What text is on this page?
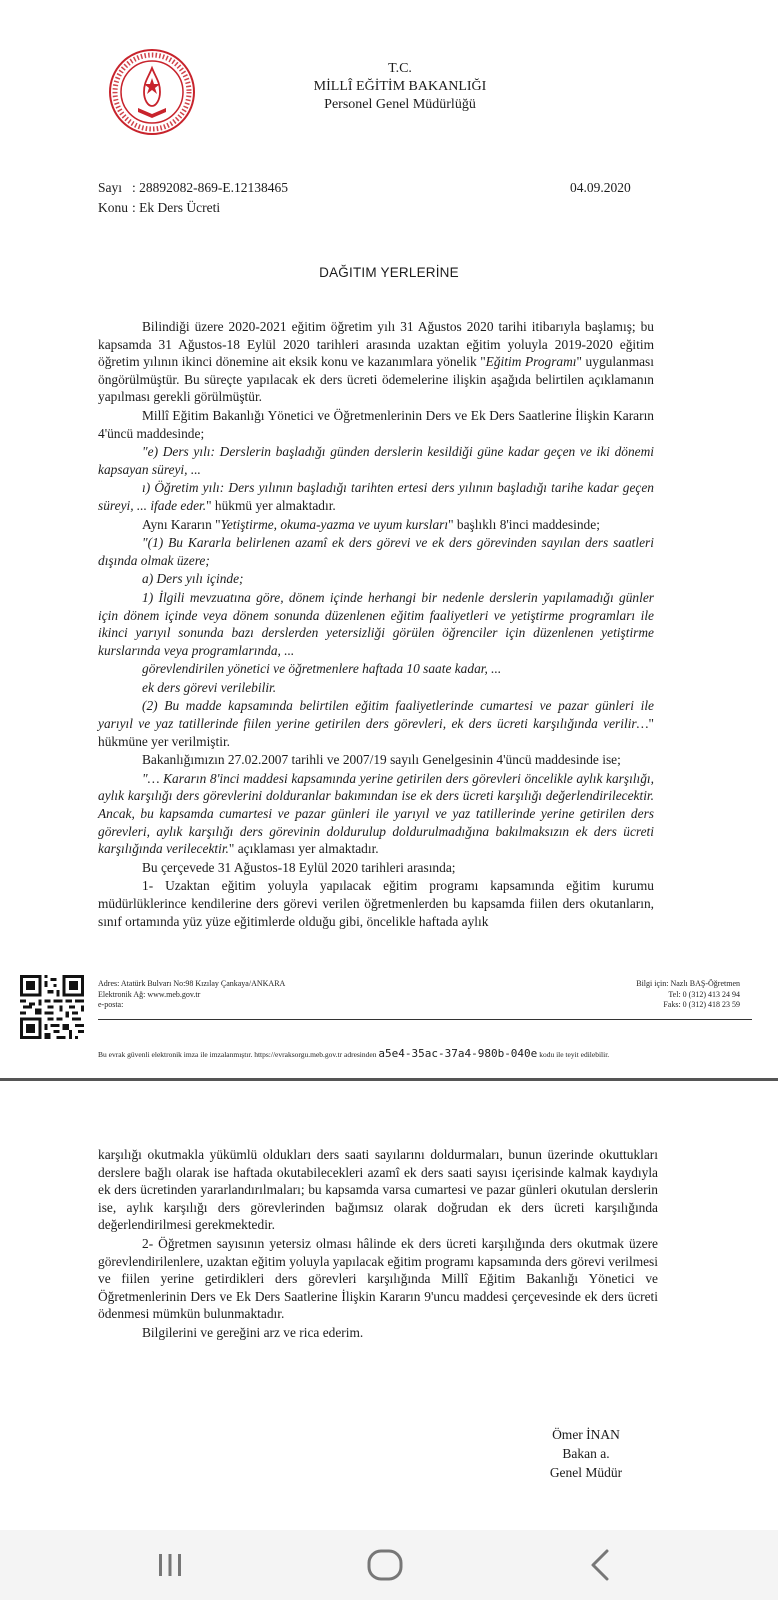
T.C.
MİLLÎ EĞİTİM BAKANLIĞI
Personel Genel Müdürlüğü
Sayı : 28892082-869-E.12138465
Konu : Ek Ders Ücreti
04.09.2020
DAĞITIM YERLERİNE

Bilindiği üzere 2020-2021 eğitim öğretim yılı 31 Ağustos 2020 tarihi itibarıyla başlamış; bu kapsamda 31 Ağustos-18 Eylül 2020 tarihleri arasında uzaktan eğitim yoluyla 2019-2020 eğitim öğretim yılının ikinci dönemine ait eksik konu ve kazanımlara yönelik "Eğitim Programı" uygulanması öngörülmüştür. Bu süreçte yapılacak ek ders ücreti ödemelerine ilişkin aşağıda belirtilen açıklamanın yapılması gerekli görülmüştür.

Millî Eğitim Bakanlığı Yönetici ve Öğretmenlerinin Ders ve Ek Ders Saatlerine İlişkin Kararın 4'üncü maddesinde;

"e) Ders yılı: Derslerin başladığı günden derslerin kesildiği güne kadar geçen ve iki dönemi kapsayan süreyi, ...

ı) Öğretim yılı: Ders yılının başladığı tarihten ertesi ders yılının başladığı tarihe kadar geçen süreyi, ... ifade eder." hükmü yer almaktadır.

Aynı Kararın "Yetiştirme, okuma-yazma ve uyum kursları" başlıklı 8'inci maddesinde;

"(1) Bu Kararla belirlenen azamî ek ders görevi ve ek ders görevinden sayılan ders saatleri dışında olmak üzere;

a) Ders yılı içinde;

1) İlgili mevzuatına göre, dönem içinde herhangi bir nedenle derslerin yapılamadığı günler için dönem içinde veya dönem sonunda düzenlenen eğitim faaliyetleri ve yetiştirme programları ile ikinci yarıyıl sonunda bazı derslerden yetersizliği görülen öğrenciler için düzenlenen yetiştirme kurslarında veya programlarında, ...

görevlendirilen yönetici ve öğretmenlere haftada 10 saate kadar, ...

ek ders görevi verilebilir.

(2) Bu madde kapsamında belirtilen eğitim faaliyetlerinde cumartesi ve pazar günleri ile yarıyıl ve yaz tatillerinde fiilen yerine getirilen ders görevleri, ek ders ücreti karşılığında verilir…" hükmüne yer verilmiştir.

Bakanlığımızın 27.02.2007 tarihli ve 2007/19 sayılı Genelgesinin 4'üncü maddesinde ise;

"… Kararın 8'inci maddesi kapsamında yerine getirilen ders görevleri öncelikle aylık karşılığı, aylık karşılığı ders görevlerini dolduranlar bakımından ise ek ders ücreti karşılığı değerlendirilecektir. Ancak, bu kapsamda cumartesi ve pazar günleri ile yarıyıl ve yaz tatillerinde yerine getirilen ders görevleri, aylık karşılığı ders görevinin doldurulup doldurulmadığına bakılmaksızın ek ders ücreti karşılığında verilecektir." açıklaması yer almaktadır.

Bu çerçevede 31 Ağustos-18 Eylül 2020 tarihleri arasında;

1- Uzaktan eğitim yoluyla yapılacak eğitim programı kapsamında eğitim kurumu müdürlüklerince kendilerine ders görevi verilen öğretmenlerden bu kapsamda fiilen ders okutanların, sınıf ortamında yüz yüze eğitimlerde olduğu gibi, öncelikle haftada aylık

Adres: Atatürk Bulvarı No:98 Kızılay Çankaya/ANKARA
Elektronik Ağ: www.meb.gov.tr
e-posta:
Bilgi için: Nazlı BAŞ-Öğretmen
Tel: 0 (312) 413 24 94
Faks: 0 (312) 418 23 59
Bu evrak güvenli elektronik imza ile imzalanmıştır. https://evraksorgu.meb.gov.tr adresinden a5e4-35ac-37a4-980b-040e kodu ile teyit edilebilir.

karşılığı okutmakla yükümlü oldukları ders saati sayılarını doldurmaları, bunun üzerinde okuttukları derslere bağlı olarak ise haftada okutabilecekleri azamî ek ders saati sayısı içerisinde kalmak kaydıyla ek ders ücretinden yararlandırılmaları; bu kapsamda varsa cumartesi ve pazar günleri okutulan derslerin ise, aylık karşılığı ders görevlerinden bağımsız olarak doğrudan ek ders ücreti karşılığında değerlendirilmesi gerekmektedir.

2- Öğretmen sayısının yetersiz olması hâlinde ek ders ücreti karşılığında ders okutmak üzere görevlendirilenlere, uzaktan eğitim yoluyla yapılacak eğitim programı kapsamında ders görevi verilmesi ve fiilen yerine getirdikleri ders görevleri karşılığında Millî Eğitim Bakanlığı Yönetici ve Öğretmenlerinin Ders ve Ek Ders Saatlerine İlişkin Kararın 9'uncu maddesi çerçevesinde ek ders ücreti ödenmesi mümkün bulunmaktadır.

Bilgilerini ve gereğini arz ve rica ederim.

Ömer İNAN
Bakan a.
Genel Müdür
